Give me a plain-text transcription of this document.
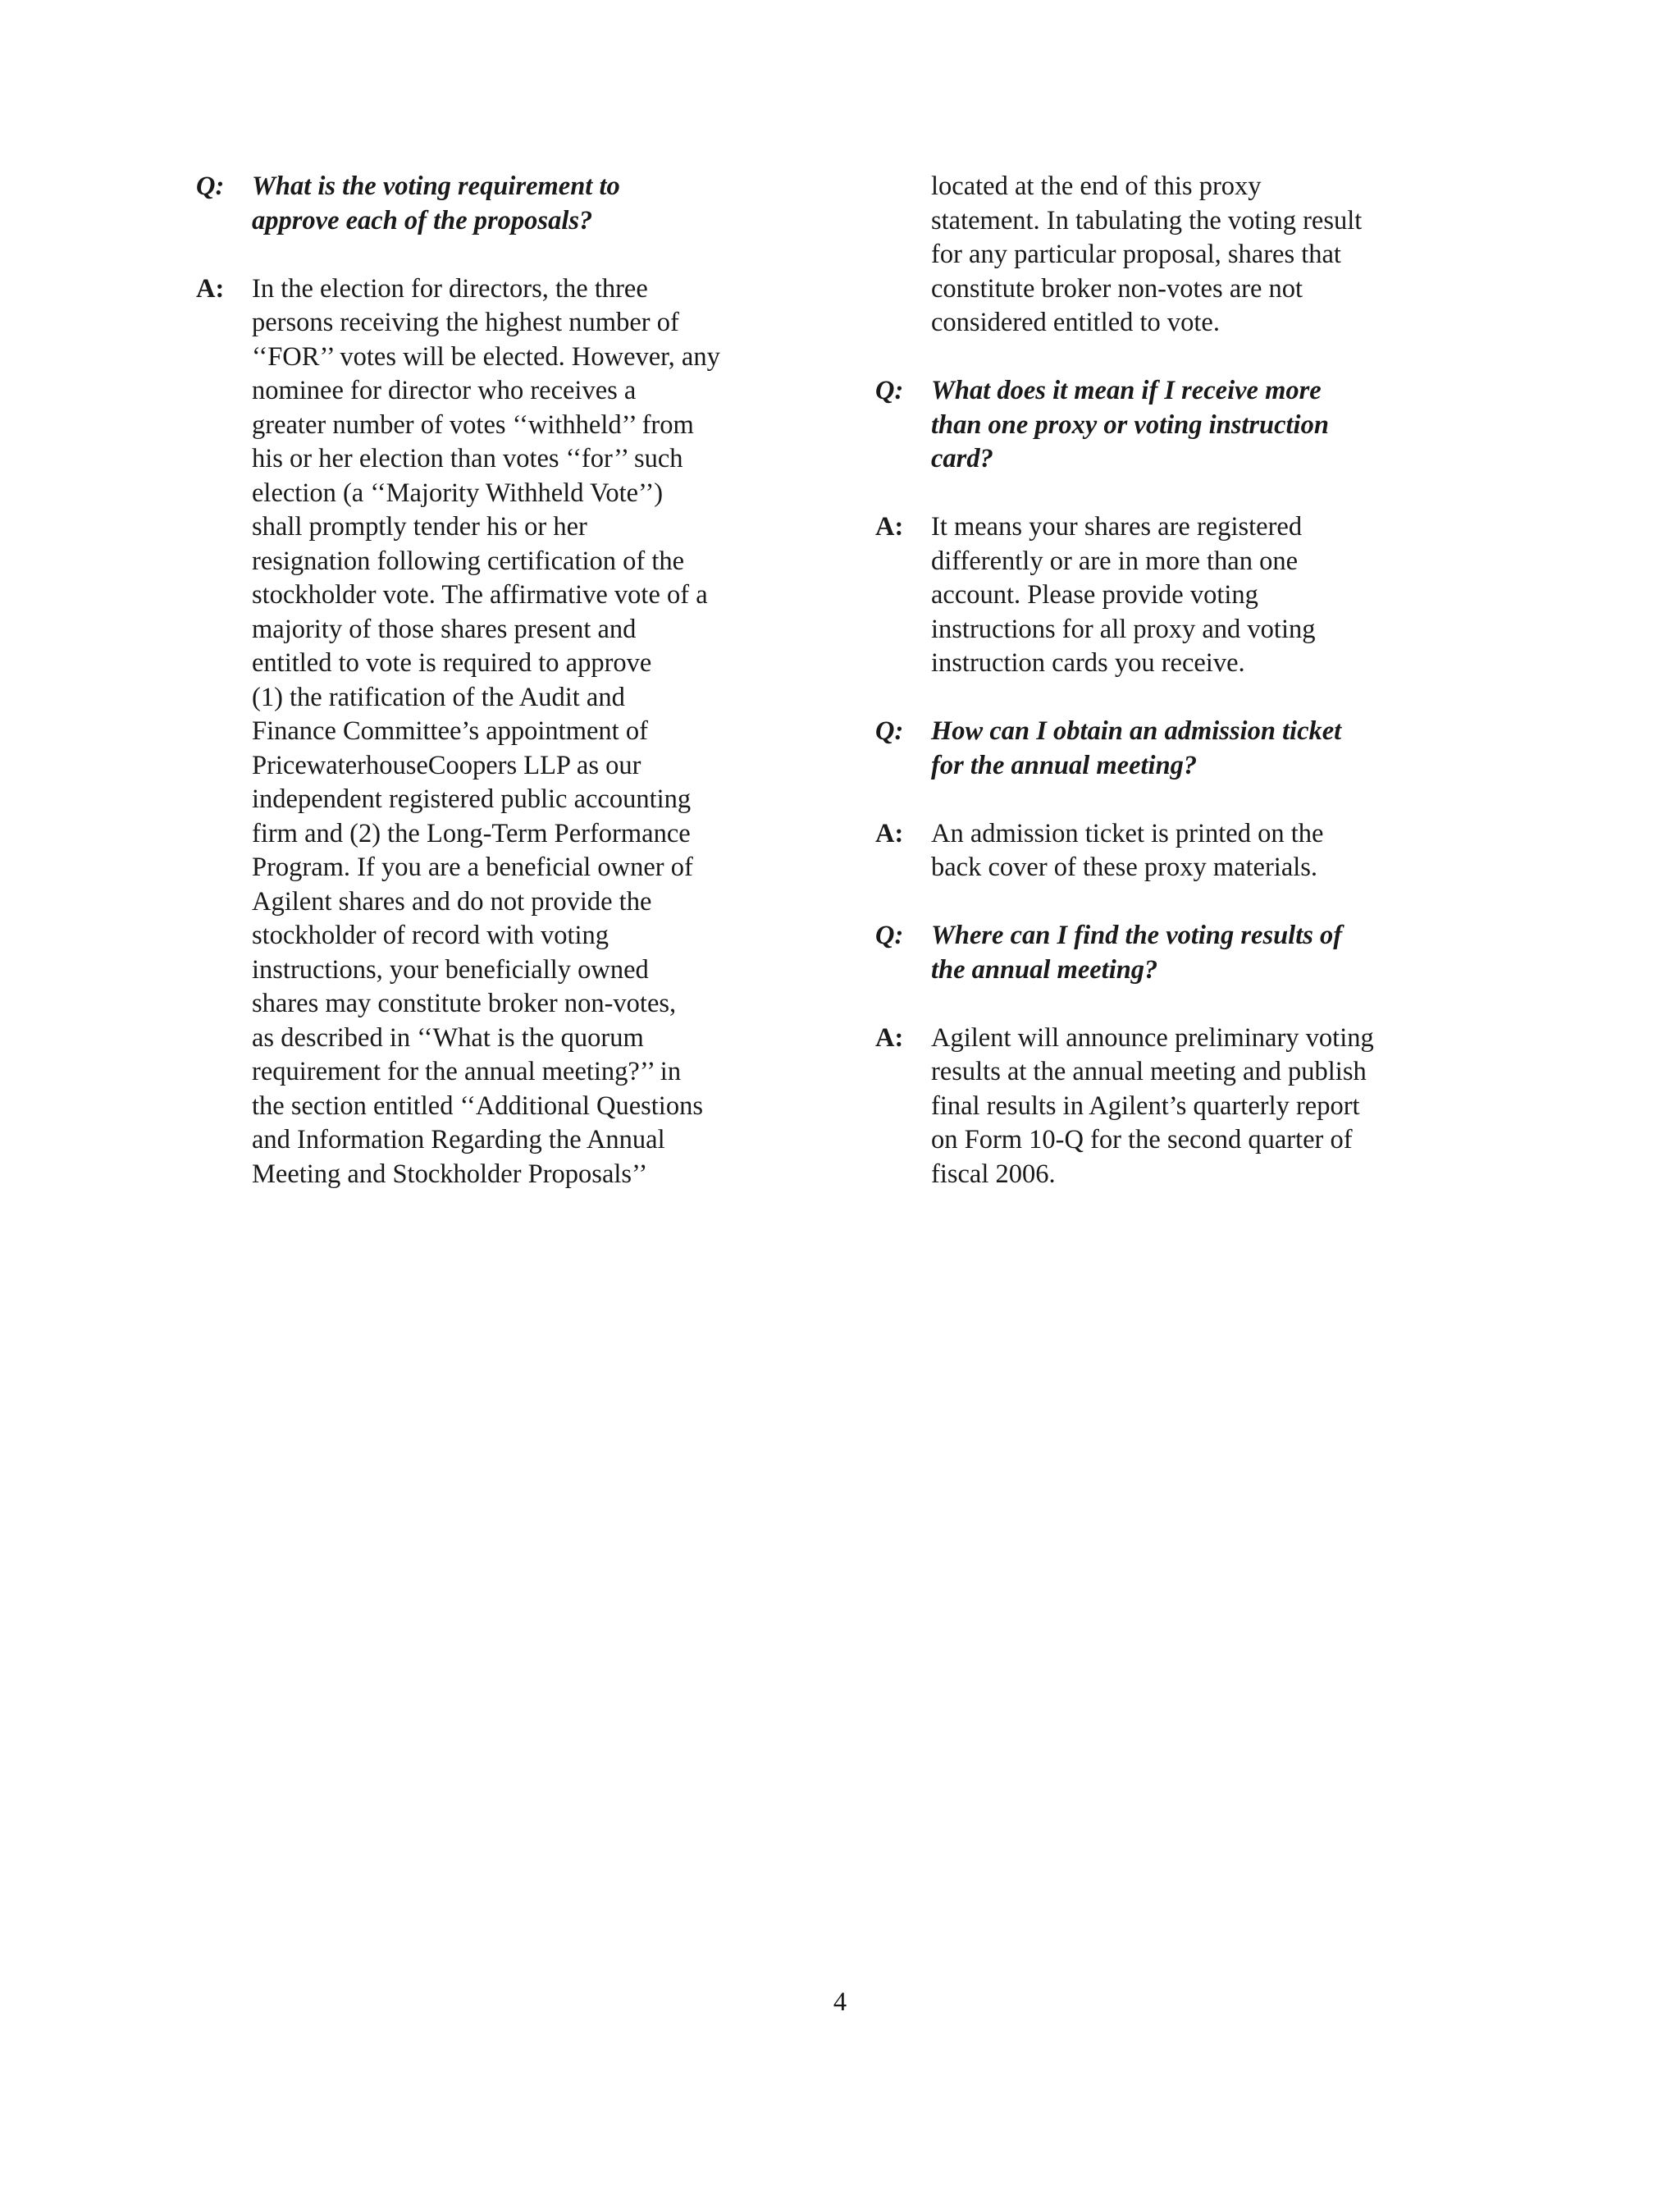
Q:	What is the voting requirement to
approve each of the proposals?
A:	In the election for directors, the three
persons receiving the highest number of
‘‘FOR’’ votes will be elected. However, any
nominee for director who receives a
greater number of votes ‘‘withheld’’ from
his or her election than votes ‘‘for’’ such
election (a ‘‘Majority Withheld Vote’’)
shall promptly tender his or her
resignation following certification of the
stockholder vote. The affirmative vote of a
majority of those shares present and
entitled to vote is required to approve
(1) the ratification of the Audit and
Finance Committee’s appointment of
PricewaterhouseCoopers LLP as our
independent registered public accounting
firm and (2) the Long-Term Performance
Program. If you are a beneficial owner of
Agilent shares and do not provide the
stockholder of record with voting
instructions, your beneficially owned
shares may constitute broker non-votes,
as described in ‘‘What is the quorum
requirement for the annual meeting?’’ in
the section entitled ‘‘Additional Questions
and Information Regarding the Annual
Meeting and Stockholder Proposals’’
located at the end of this proxy
statement. In tabulating the voting result
for any particular proposal, shares that
constitute broker non-votes are not
considered entitled to vote.
Q:	What does it mean if I receive more
than one proxy or voting instruction
card?
A:	It means your shares are registered
differently or are in more than one
account. Please provide voting
instructions for all proxy and voting
instruction cards you receive.
Q:	How can I obtain an admission ticket
for the annual meeting?
A:	An admission ticket is printed on the
back cover of these proxy materials.
Q:	Where can I find the voting results of
the annual meeting?
A:	Agilent will announce preliminary voting
results at the annual meeting and publish
final results in Agilent’s quarterly report
on Form 10-Q for the second quarter of
fiscal 2006.
4
